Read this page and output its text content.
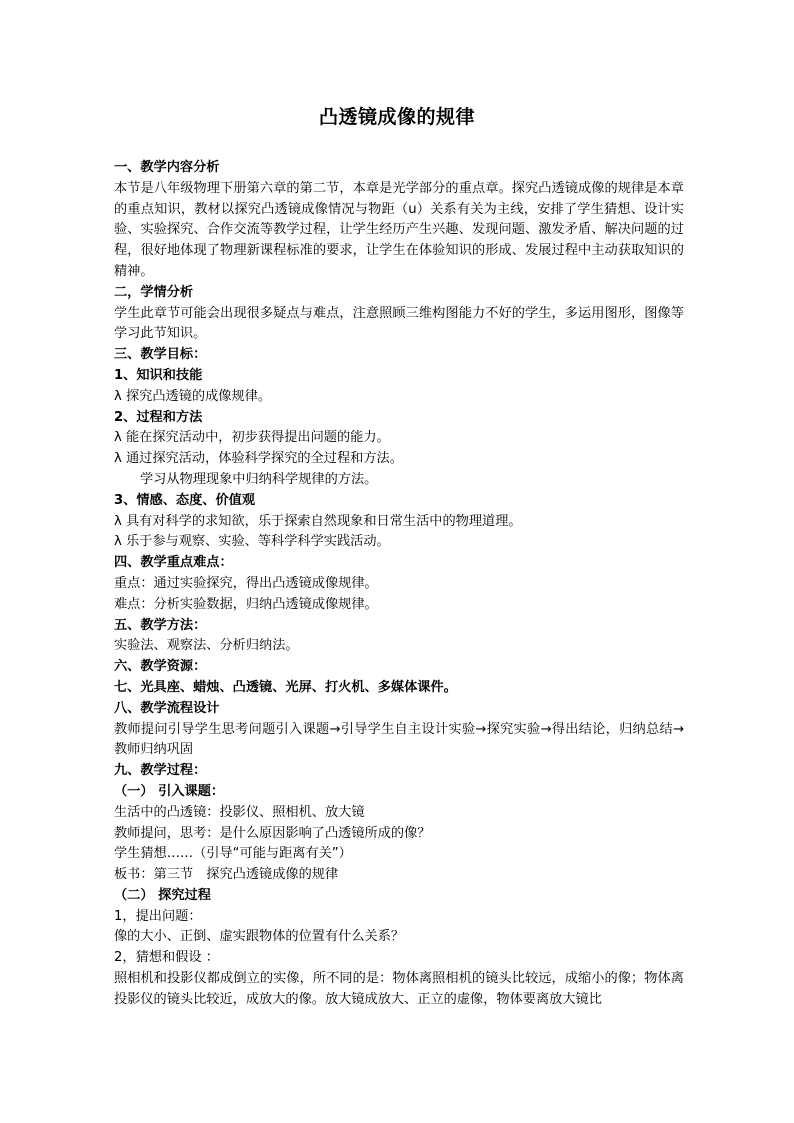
凸透镜成像的规律
一、教学内容分析
本节是八年级物理下册第六章的第二节，本章是光学部分的重点章。探究凸透镜成像的规律是本章的重点知识，教材以探究凸透镜成像情况与物距（u）关系有关为主线，安排了学生猜想、设计实验、实验探究、合作交流等教学过程，让学生经历产生兴趣、发现问题、激发矛盾、解决问题的过程，很好地体现了物理新课程标准的要求，让学生在体验知识的形成、发展过程中主动获取知识的精神。
二，学情分析
学生此章节可能会出现很多疑点与难点，注意照顾三维构图能力不好的学生，多运用图形，图像等学习此节知识。
三、教学目标：
1、知识和技能
λ 探究凸透镜的成像规律。
2、过程和方法
λ 能在探究活动中，初步获得提出问题的能力。
λ 通过探究活动，体验科学探究的全过程和方法。
学习从物理现象中归纳科学规律的方法。
3、情感、态度、价值观
λ 具有对科学的求知欲，乐于探索自然现象和日常生活中的物理道理。
λ 乐于参与观察、实验、等科学科学实践活动。
四、教学重点难点：
重点：通过实验探究，得出凸透镜成像规律。
难点：分析实验数据，归纳凸透镜成像规律。
五、教学方法：
实验法、观察法、分析归纳法。
六、教学资源：
七、光具座、蜡烛、凸透镜、光屏、打火机、多媒体课件。
八、教学流程设计
教师提问引导学生思考问题引入课题→引导学生自主设计实验→探究实验→得出结论，归纳总结→教师归纳巩固
九、教学过程：
（一） 引入课题：
生活中的凸透镜：投影仪、照相机、放大镜
教师提问，思考：是什么原因影响了凸透镜所成的像？
学生猜想……（引导“可能与距离有关”）
板书：第三节　探究凸透镜成像的规律
（二） 探究过程
1，提出问题：
像的大小、正倒、虚实跟物体的位置有什么关系？
2，猜想和假设 ：
照相机和投影仪都成倒立的实像，所不同的是：物体离照相机的镜头比较远，成缩小的像；物体离投影仪的镜头比较近，成放大的像。放大镜成放大、正立的虚像，物体要离放大镜比
